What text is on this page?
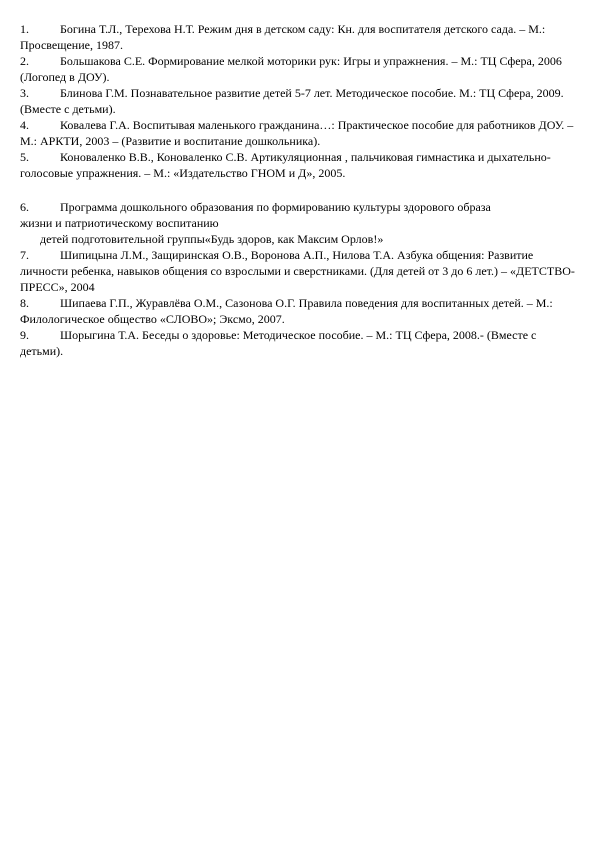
1.	Богина Т.Л., Терехова Н.Т. Режим дня в детском саду: Кн. для воспитателя детского сада. – М.: Просвещение, 1987.

2.	Большакова С.Е. Формирование мелкой моторики рук: Игры и упражнения. – М.: ТЦ Сфера, 2006 (Логопед в ДОУ).

3.	Блинова Г.М. Познавательное развитие детей 5-7 лет. Методическое пособие. М.: ТЦ Сфера, 2009. (Вместе с детьми).

4.	Ковалева Г.А. Воспитывая маленького гражданина…: Практическое пособие для работников ДОУ. – М.: АРКТИ, 2003 – (Развитие и воспитание дошкольника).

5.	Коноваленко В.В., Коноваленко С.В. Артикуляционная , пальчиковая гимнастика и дыхательно-голосовые упражнения. – М.: «Издательство ГНОМ и Д», 2005.

6.	Программа дошкольного образования по формированию культуры здорового образа

жизни и патриотическому воспитанию

детей подготовительной группы«Будь здоров, как Максим Орлов!»

7.	Шипицына Л.М., Защиринская О.В., Воронова А.П., Нилова Т.А. Азбука общения: Развитие личности ребенка, навыков общения со взрослыми и сверстниками. (Для детей от 3 до 6 лет.) – «ДЕТСТВО-ПРЕСС», 2004

8.	Шипаева Г.П., Журавлёва О.М., Сазонова О.Г. Правила поведения для воспитанных детей. – М.: Филологическое общество «СЛОВО»; Эксмо, 2007.

9.	Шорыгина Т.А. Беседы о здоровье: Методическое пособие. – М.: ТЦ Сфера, 2008.- (Вместе с детьми).
